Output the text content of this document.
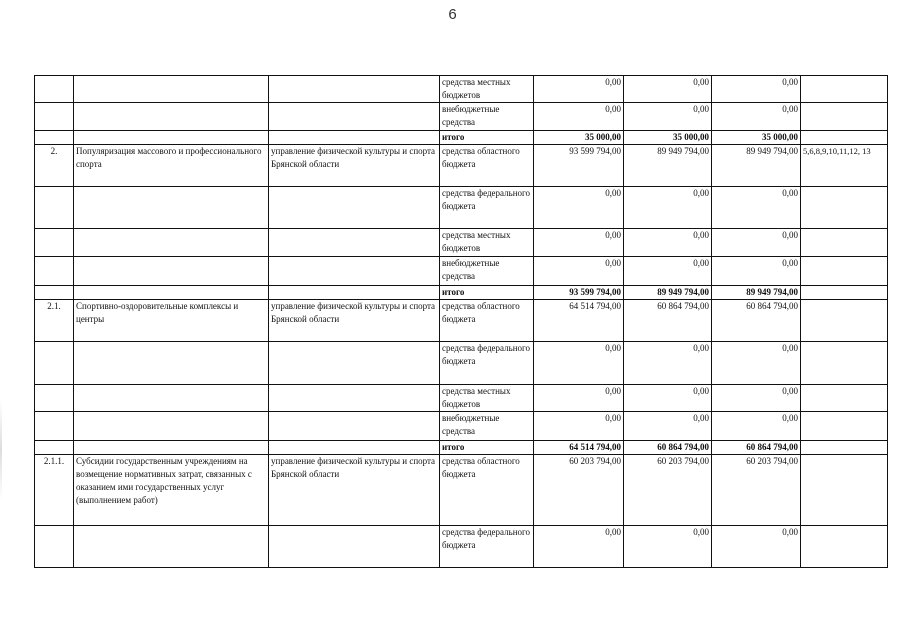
6
			средства местных бюджетов	0,00	0,00	0,00	
			внебюджетные средства	0,00	0,00	0,00	
			итого	35 000,00	35 000,00	35 000,00	
2.	Популяризация массового и профессионального спорта	управление физической культуры и спорта Брянской области	средства областного бюджета	93 599 794,00	89 949 794,00	89 949 794,00	5,6,8,9,10,11,12, 13
			средства федерального бюджета	0,00	0,00	0,00	
			средства местных бюджетов	0,00	0,00	0,00	
			внебюджетные средства	0,00	0,00	0,00	
			итого	93 599 794,00	89 949 794,00	89 949 794,00	
2.1.	Спортивно-оздоровительные комплексы и центры	управление физической культуры и спорта Брянской области	средства областного бюджета	64 514 794,00	60 864 794,00	60 864 794,00	
			средства федерального бюджета	0,00	0,00	0,00	
			средства местных бюджетов	0,00	0,00	0,00	
			внебюджетные средства	0,00	0,00	0,00	
			итого	64 514 794,00	60 864 794,00	60 864 794,00	
2.1.1.	Субсидии государственным учреждениям на возмещение нормативных затрат, связанных с оказанием ими государственных услуг (выполнением работ)	управление физической культуры и спорта Брянской области	средства областного бюджета	60 203 794,00	60 203 794,00	60 203 794,00	
			средства федерального бюджета	0,00	0,00	0,00	
